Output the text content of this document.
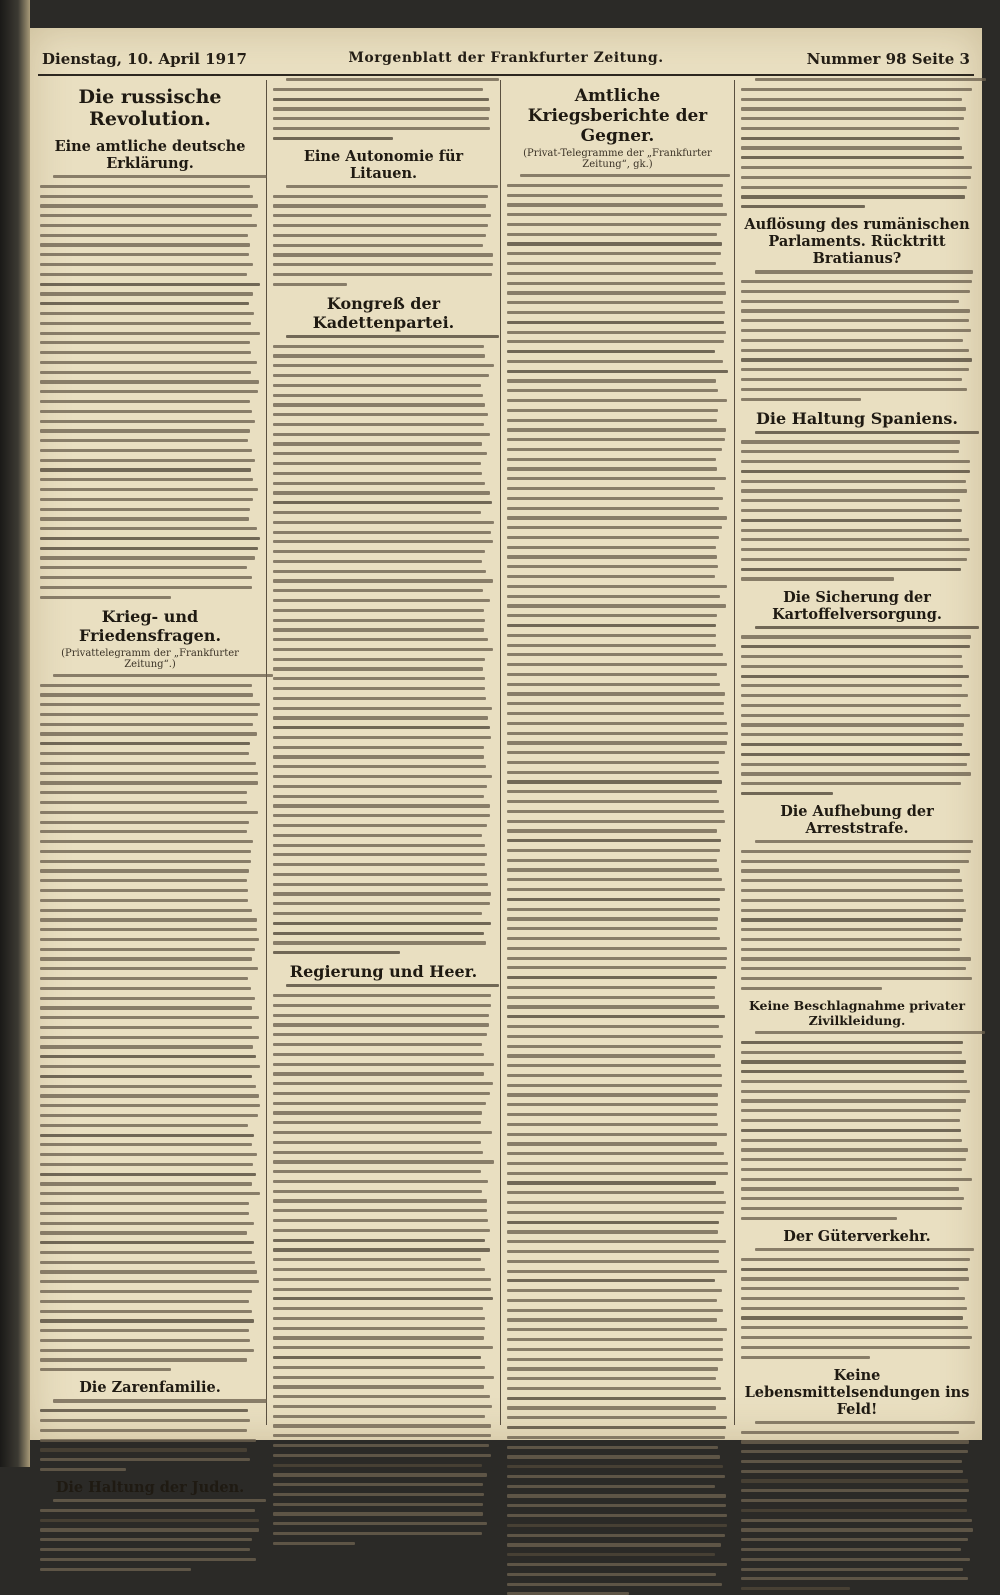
Dienstag, 10. April 1917	Morgenblatt der Frankfurter Zeitung.	Nummer 98 Seite 3
Die russische Revolution.
Eine amtliche deutsche Erklärung.
Krieg- und Friedensfragen.
(Privattelegramm der „Frankfurter Zeitung“.)
Die Zarenfamilie.
Die Haltung der Juden.
Eine Autonomie für Litauen.
Kongreß der Kadettenpartei.
Regierung und Heer.
Amtliche Kriegsberichte der Gegner.
(Privat-Telegramme der „Frankfurter Zeitung“, gk.)
Auflösung des rumänischen Parlaments. Rücktritt Bratianus?
Die Haltung Spaniens.
Die Sicherung der Kartoffelversorgung.
Die Aufhebung der Arreststrafe.
Keine Beschlagnahme privater Zivilkleidung.
Der Güterverkehr.
Keine Lebensmittelsendungen ins Feld!
